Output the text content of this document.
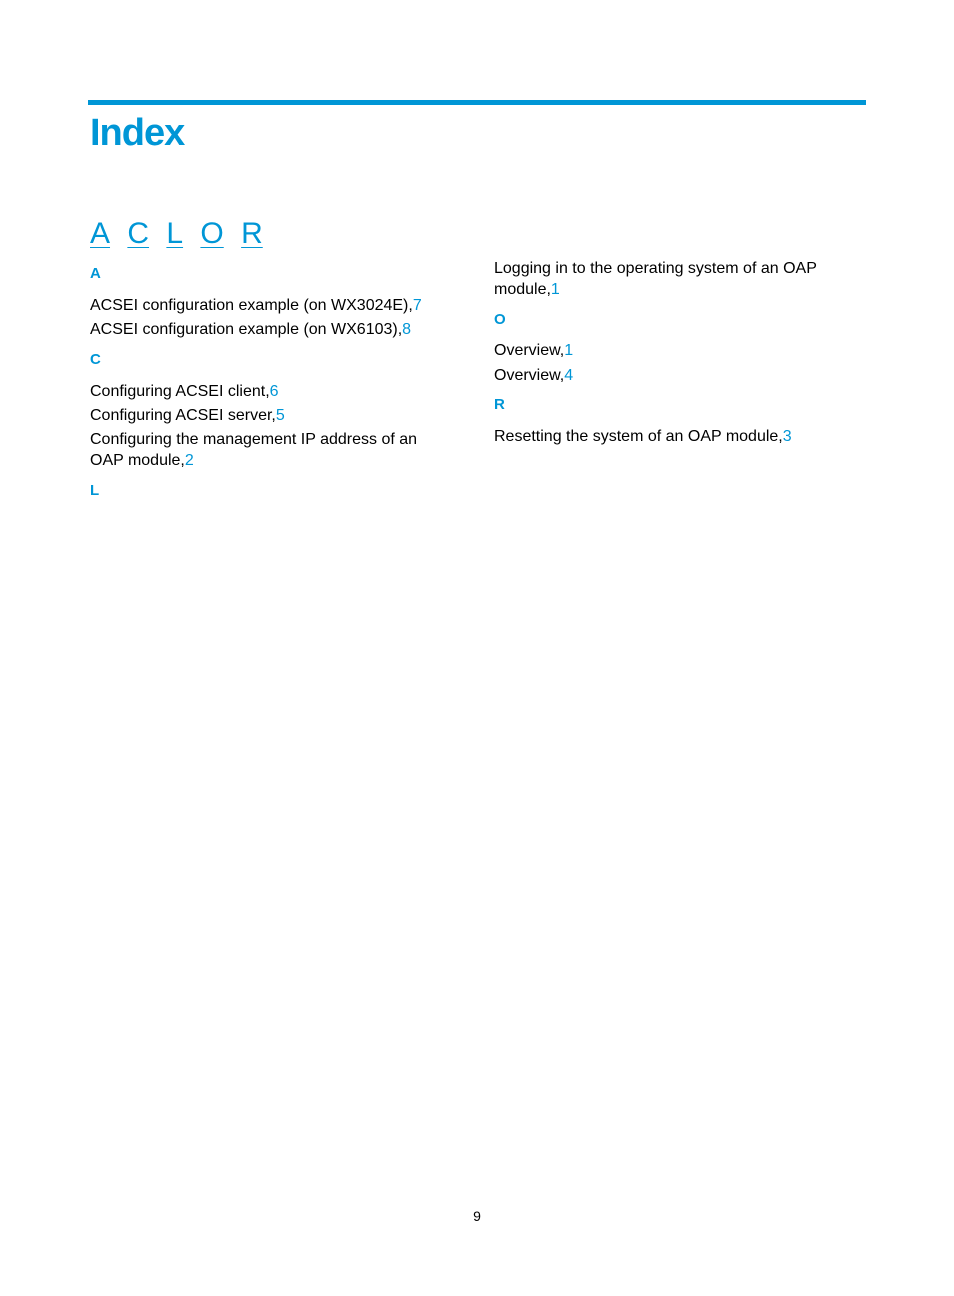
Index
A C L O R
A
ACSEI configuration example (on WX3024E),7
ACSEI configuration example (on WX6103),8
C
Configuring ACSEI client,6
Configuring ACSEI server,5
Configuring the management IP address of an OAP module,2
L
Logging in to the operating system of an OAP module,1
O
Overview,1
Overview,4
R
Resetting the system of an OAP module,3
9
